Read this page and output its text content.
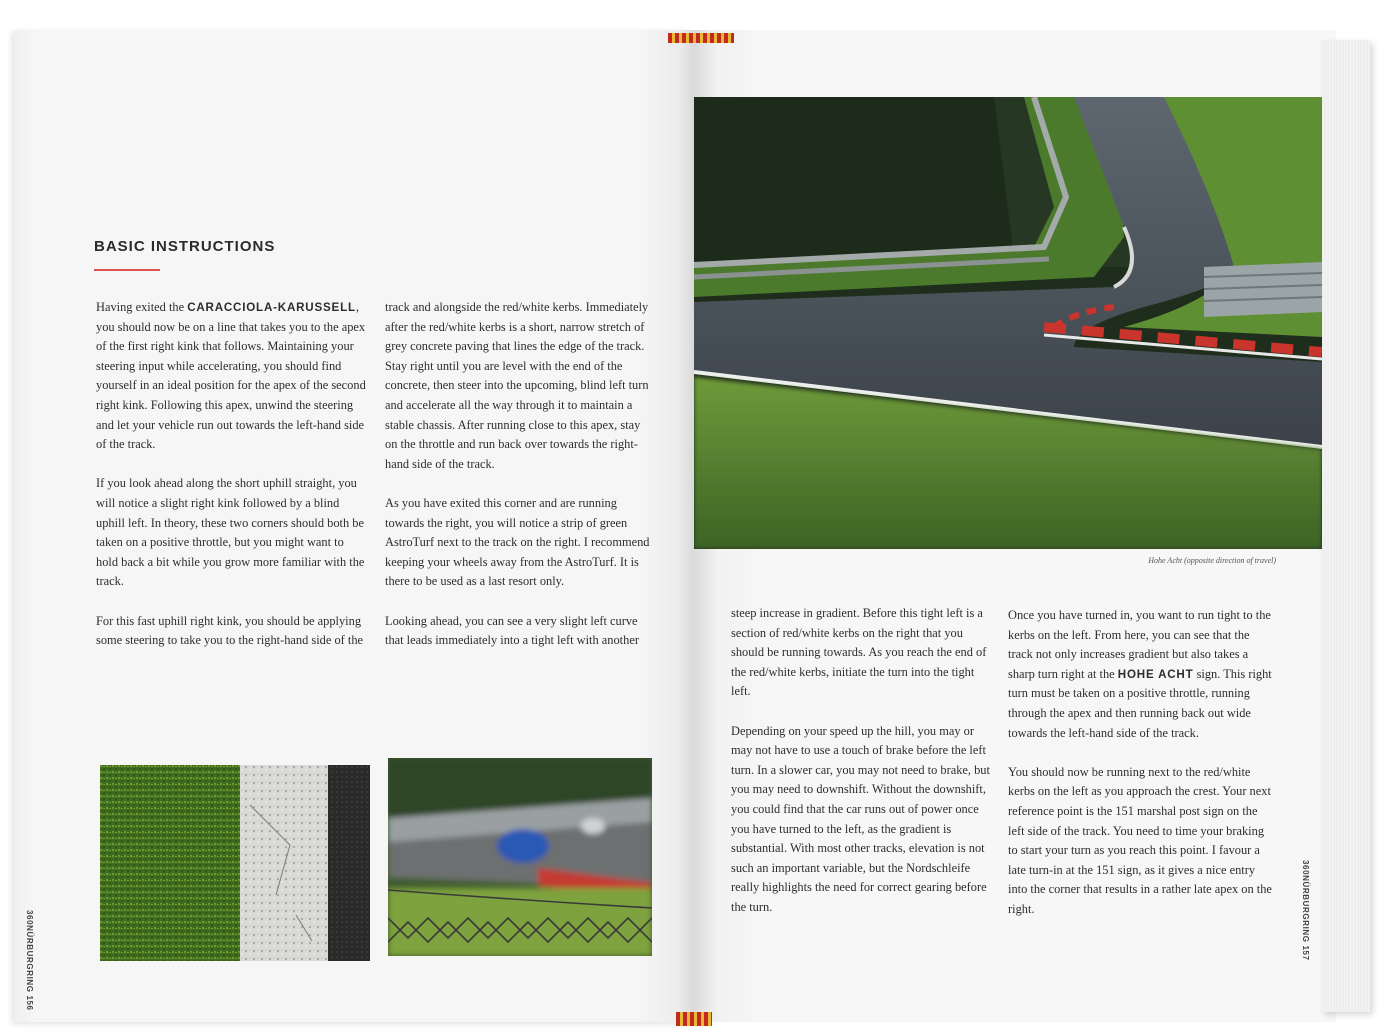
BASIC INSTRUCTIONS

Having exited the CARACCIOLA-KARUSSELL, you should now be on a line that takes you to the apex of the first right kink that follows. Maintaining your steering input while accelerating, you should find yourself in an ideal position for the apex of the second right kink. Following this apex, unwind the steering and let your vehicle run out towards the left-hand side of the track.

If you look ahead along the short uphill straight, you will notice a slight right kink followed by a blind uphill left. In theory, these two corners should both be taken on a positive throttle, but you might want to hold back a bit while you grow more familiar with the track.

For this fast uphill right kink, you should be applying some steering to take you to the right-hand side of the

track and alongside the red/white kerbs. Immediately after the red/white kerbs is a short, narrow stretch of grey concrete paving that lines the edge of the track. Stay right until you are level with the end of the concrete, then steer into the upcoming, blind left turn and accelerate all the way through it to maintain a stable chassis. After running close to this apex, stay on the throttle and run back over towards the right-hand side of the track.

As you have exited this corner and are running towards the right, you will notice a strip of green AstroTurf next to the track on the right. I recommend keeping your wheels away from the AstroTurf. It is there to be used as a last resort only.

Looking ahead, you can see a very slight left curve that leads immediately into a tight left with another

360NÜRBURGRING 156
Hohe Acht (opposite direction of travel)

steep increase in gradient. Before this tight left is a section of red/white kerbs on the right that you should be running towards. As you reach the end of the red/white kerbs, initiate the turn into the tight left.

Depending on your speed up the hill, you may or may not have to use a touch of brake before the left turn. In a slower car, you may not need to brake, but you may need to downshift. Without the downshift, you could find that the car runs out of power once you have turned to the left, as the gradient is substantial. With most other tracks, elevation is not such an important variable, but the Nordschleife really highlights the need for correct gearing before the turn.

Once you have turned in, you want to run tight to the kerbs on the left. From here, you can see that the track not only increases gradient but also takes a sharp turn right at the HOHE ACHT sign. This right turn must be taken on a positive throttle, running through the apex and then running back out wide towards the left-hand side of the track.

You should now be running next to the red/white kerbs on the left as you approach the crest. Your next reference point is the 151 marshal post sign on the left side of the track. You need to time your braking to start your turn as you reach this point. I favour a late turn-in at the 151 sign, as it gives a nice entry into the corner that results in a rather late apex on the right.	360NÜRBURGRING 157
